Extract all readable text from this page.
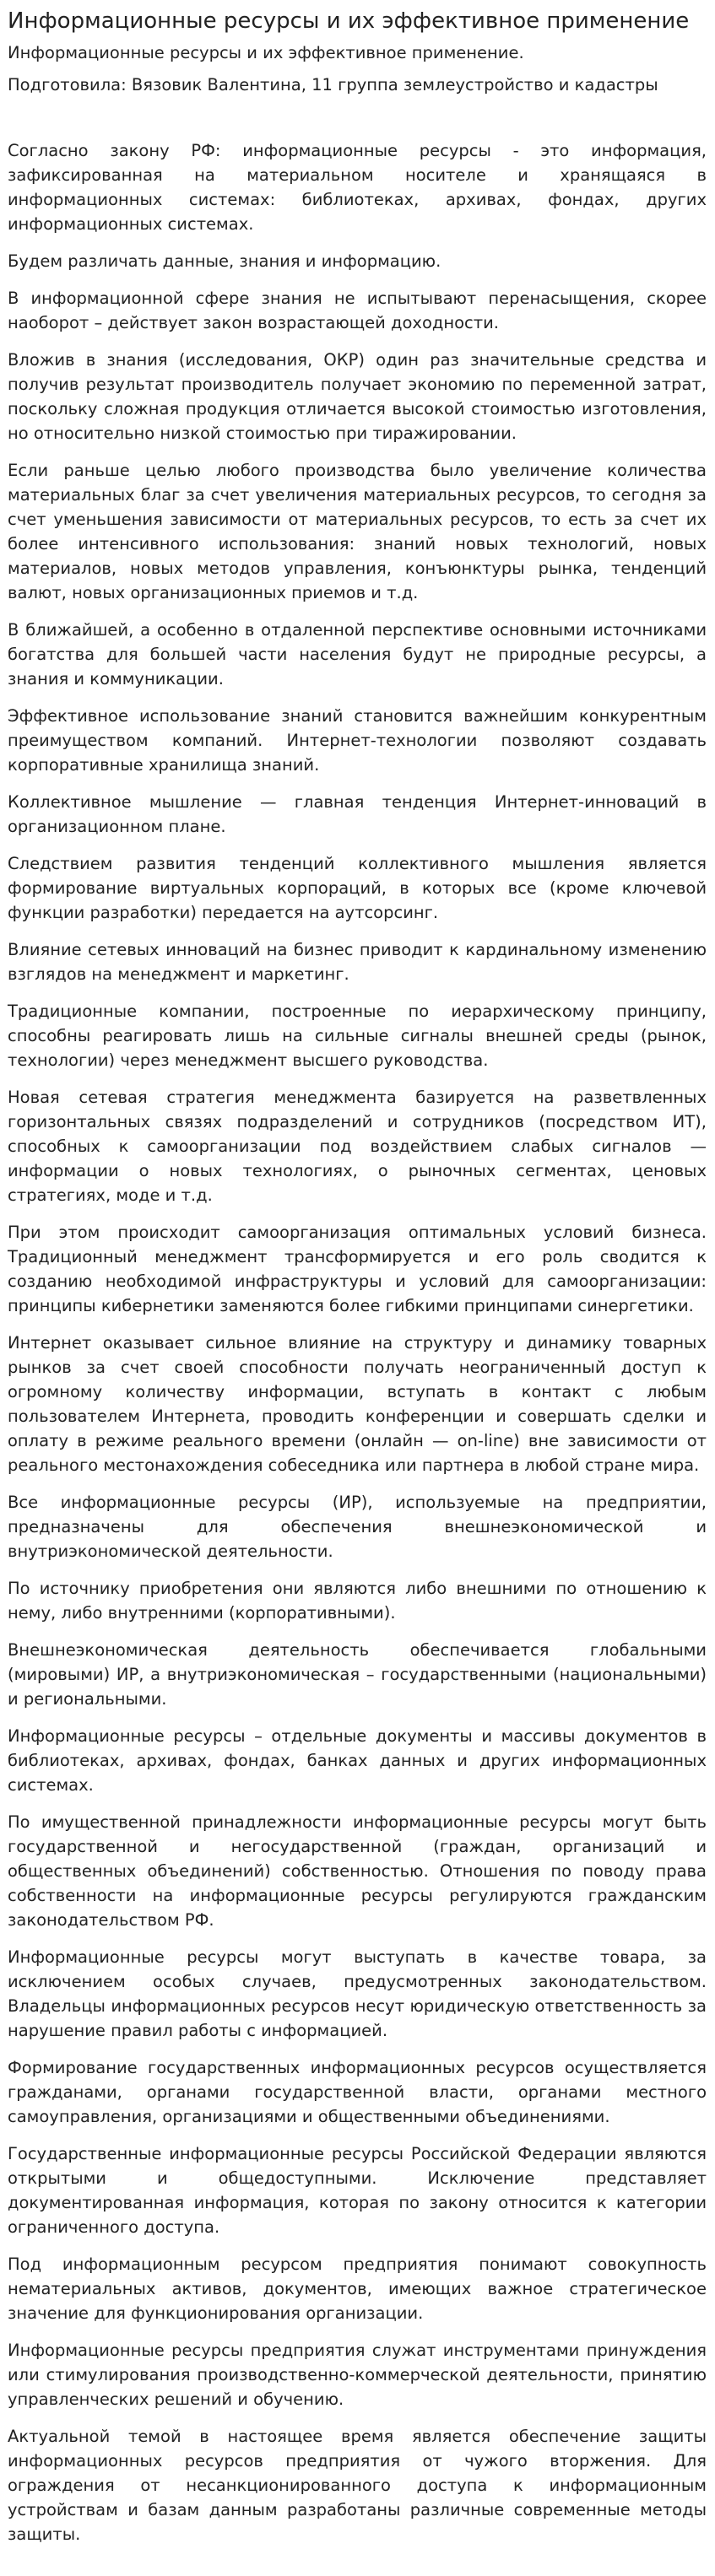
Информационные ресурсы и их эффективное применение

Информационные ресурсы и их эффективное применение.

Подготовила: Вязовик Валентина, 11 группа землеустройство и кадастры

Согласно закону РФ: информационные ресурсы - это информация, зафиксированная на материальном носителе и хранящаяся в информационных системах: библиотеках, архивах, фондах, других информационных системах.

Будем различать данные, знания и информацию.

В информационной сфере знания не испытывают перенасыщения, скорее наоборот – действует закон возрастающей доходности.

Вложив в знания (исследования, ОКР) один раз значительные средства и получив результат производитель получает экономию по переменной затрат, поскольку сложная продукция отличается высокой стоимостью изготовления, но относительно низкой стоимостью при тиражировании.

Если раньше целью любого производства было увеличение количества материальных благ за счет увеличения материальных ресурсов, то сегодня за счет уменьшения зависимости от материальных ресурсов, то есть за счет их более интенсивного использования: знаний новых технологий, новых материалов, новых методов управления, конъюнктуры рынка, тенденций валют, новых организационных приемов и т.д.

В ближайшей, а особенно в отдаленной перспективе основными источниками богатства для большей части населения будут не природные ресурсы, а знания и коммуникации.

Эффективное использование знаний становится важнейшим конкурентным преимуществом компаний. Интернет-технологии позволяют создавать корпоративные хранилища знаний.

Коллективное мышление — главная тенденция Интернет-инноваций в организационном плане.

Следствием развития тенденций коллективного мышления является формирование виртуальных корпораций, в которых все (кроме ключевой функции разработки) передается на аутсорсинг.

Влияние сетевых инноваций на бизнес приводит к кардинальному изменению взглядов на менеджмент и маркетинг.

Традиционные компании, построенные по иерархическому принципу, способны реагировать лишь на сильные сигналы внешней среды (рынок, технологии) через менеджмент высшего руководства.

Новая сетевая стратегия менеджмента базируется на разветвленных горизонтальных связях подразделений и сотрудников (посредством ИТ), способных к самоорганизации под воздействием слабых сигналов — информации о новых технологиях, о рыночных сегментах, ценовых стратегиях, моде и т.д.

При этом происходит самоорганизация оптимальных условий бизнеса. Традиционный менеджмент трансформируется и его роль сводится к созданию необходимой инфраструктуры и условий для самоорганизации: принципы кибернетики заменяются более гибкими принципами синергетики.

Интернет оказывает сильное влияние на структуру и динамику товарных рынков за счет своей способности получать неограниченный доступ к огромному количеству информации, вступать в контакт с любым пользователем Интернета, проводить конференции и совершать сделки и оплату в режиме реального времени (онлайн — on-line) вне зависимости от реального местонахождения собеседника или партнера в любой стране мира.

Все информационные ресурсы (ИР), используемые на предприятии, предназначены для обеспечения внешнеэкономической и внутриэкономической деятельности.

По источнику приобретения они являются либо внешними по отношению к нему, либо внутренними (корпоративными).

Внешнеэкономическая деятельность обеспечивается глобальными (мировыми) ИР, а внутриэкономическая – государственными (национальными) и региональными.

Информационные ресурсы – отдельные документы и массивы документов в библиотеках, архивах, фондах, банках данных и других информационных системах.

По имущественной принадлежности информационные ресурсы могут быть государственной и негосударственной (граждан, организаций и общественных объединений) собственностью. Отношения по поводу права собственности на информационные ресурсы регулируются гражданским законодательством РФ.

Информационные ресурсы могут выступать в качестве товара, за исключением особых случаев, предусмотренных законодательством. Владельцы информационных ресурсов несут юридическую ответственность за нарушение правил работы с информацией.

Формирование государственных информационных ресурсов осуществляется гражданами, органами государственной власти, органами местного самоуправления, организациями и общественными объединениями.

Государственные информационные ресурсы Российской Федерации являются открытыми и общедоступными. Исключение представляет документированная информация, которая по закону относится к категории ограниченного доступа.

Под информационным ресурсом предприятия понимают совокупность нематериальных активов, документов, имеющих важное стратегическое значение для функционирования организации.

Информационные ресурсы предприятия служат инструментами принуждения или стимулирования производственно-коммерческой деятельности, принятию управленческих решений и обучению.

Актуальной темой в настоящее время является обеспечение защиты информационных ресурсов предприятия от чужого вторжения. Для ограждения от несанкционированного доступа к информационным устройствам и базам данным разработаны различные современные методы защиты.
